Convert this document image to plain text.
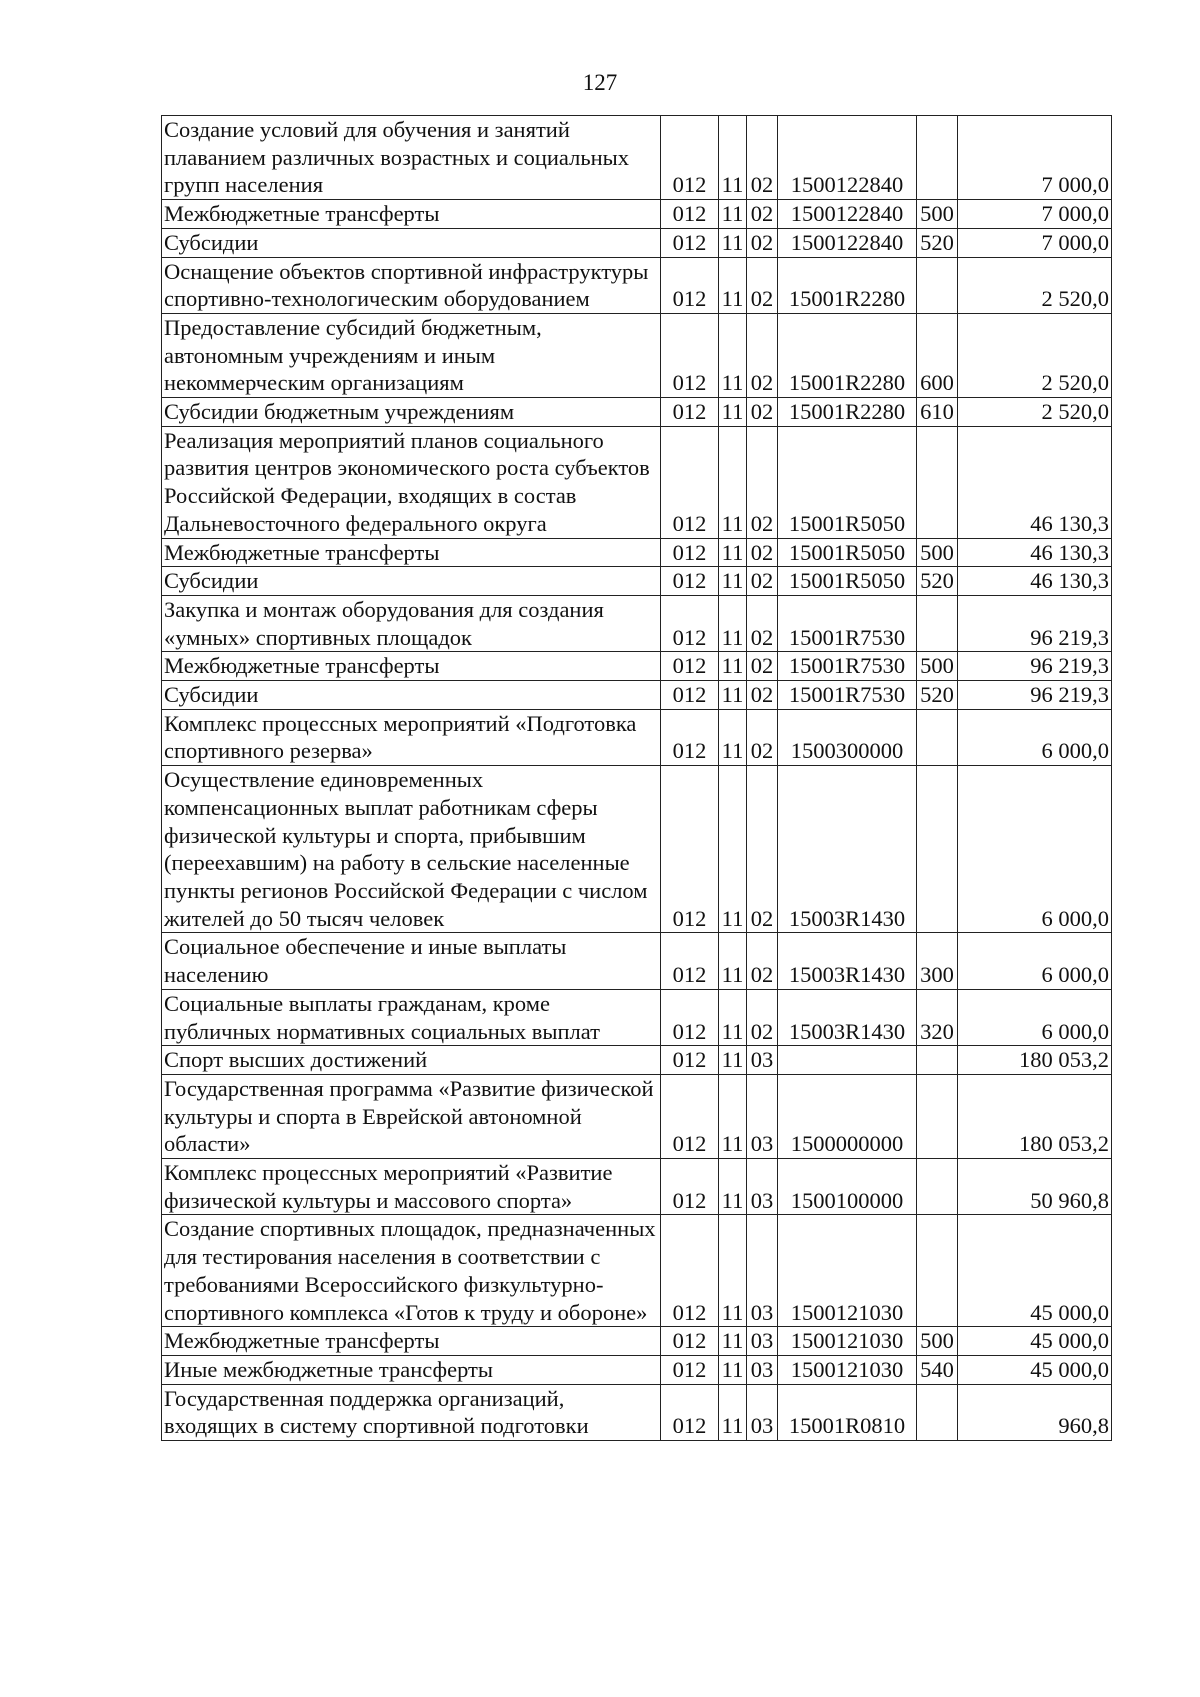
127
Создание условий для обучения и занятий плаванием различных возрастных и социальных групп населения	012	11	02	1500122840		7 000,0
Межбюджетные трансферты	012	11	02	1500122840	500	7 000,0
Субсидии	012	11	02	1500122840	520	7 000,0
Оснащение объектов спортивной инфраструктуры спортивно-технологическим оборудованием	012	11	02	15001R2280		2 520,0
Предоставление субсидий бюджетным, автономным учреждениям и иным некоммерческим организациям	012	11	02	15001R2280	600	2 520,0
Субсидии бюджетным учреждениям	012	11	02	15001R2280	610	2 520,0
Реализация мероприятий планов социального развития центров экономического роста субъектов Российской Федерации, входящих в состав Дальневосточного федерального округа	012	11	02	15001R5050		46 130,3
Межбюджетные трансферты	012	11	02	15001R5050	500	46 130,3
Субсидии	012	11	02	15001R5050	520	46 130,3
Закупка и монтаж оборудования для создания «умных» спортивных площадок	012	11	02	15001R7530		96 219,3
Межбюджетные трансферты	012	11	02	15001R7530	500	96 219,3
Субсидии	012	11	02	15001R7530	520	96 219,3
Комплекс процессных мероприятий «Подготовка спортивного резерва»	012	11	02	1500300000		6 000,0
Осуществление единовременных компенсационных выплат работникам сферы физической культуры и спорта, прибывшим (переехавшим) на работу в сельские населенные пункты регионов Российской Федерации с числом жителей до 50 тысяч человек	012	11	02	15003R1430		6 000,0
Социальное обеспечение и иные выплаты населению	012	11	02	15003R1430	300	6 000,0
Социальные выплаты гражданам, кроме публичных нормативных социальных выплат	012	11	02	15003R1430	320	6 000,0
Спорт высших достижений	012	11	03			180 053,2
Государственная программа «Развитие физической культуры и спорта в Еврейской автономной области»	012	11	03	1500000000		180 053,2
Комплекс процессных мероприятий «Развитие физической культуры и массового спорта»	012	11	03	1500100000		50 960,8
Создание спортивных площадок, предназначенных для тестирования населения в соответствии с требованиями Всероссийского физкультурно-спортивного комплекса «Готов к труду и обороне»	012	11	03	1500121030		45 000,0
Межбюджетные трансферты	012	11	03	1500121030	500	45 000,0
Иные межбюджетные трансферты	012	11	03	1500121030	540	45 000,0
Государственная поддержка организаций, входящих в систему спортивной подготовки	012	11	03	15001R0810		960,8
